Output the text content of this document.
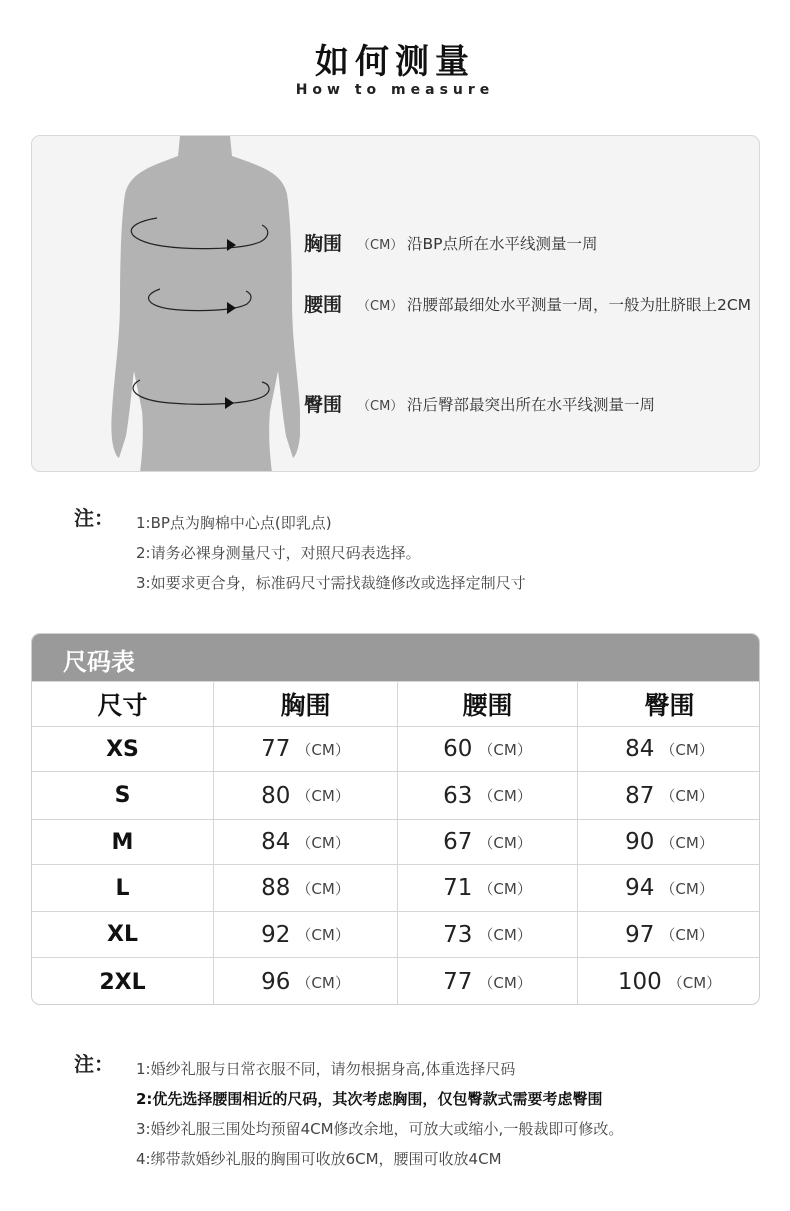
如何测量
How to measure
胸围 （CM） 沿BP点所在水平线测量一周
腰围 （CM） 沿腰部最细处水平测量一周，一般为肚脐眼上2CM
臀围 （CM） 沿后臀部最突出所在水平线测量一周
注： 1:BP点为胸棉中心点(即乳点)
2:请务必裸身测量尺寸，对照尺码表选择。
3:如要求更合身，标准码尺寸需找裁缝修改或选择定制尺寸
尺码表
尺寸	胸围	腰围	臀围
XS	77 （CM）	60 （CM）	84 （CM）
S	80 （CM）	63 （CM）	87 （CM）
M	84 （CM）	67 （CM）	90 （CM）
L	88 （CM）	71 （CM）	94 （CM）
XL	92 （CM）	73 （CM）	97 （CM）
2XL	96 （CM）	77 （CM）	100 （CM）
注： 1:婚纱礼服与日常衣服不同，请勿根据身高,体重选择尺码
2:优先选择腰围相近的尺码，其次考虑胸围，仅包臀款式需要考虑臀围
3:婚纱礼服三围处均预留4CM修改余地，可放大或缩小,一般裁即可修改。
4:绑带款婚纱礼服的胸围可收放6CM，腰围可收放4CM
